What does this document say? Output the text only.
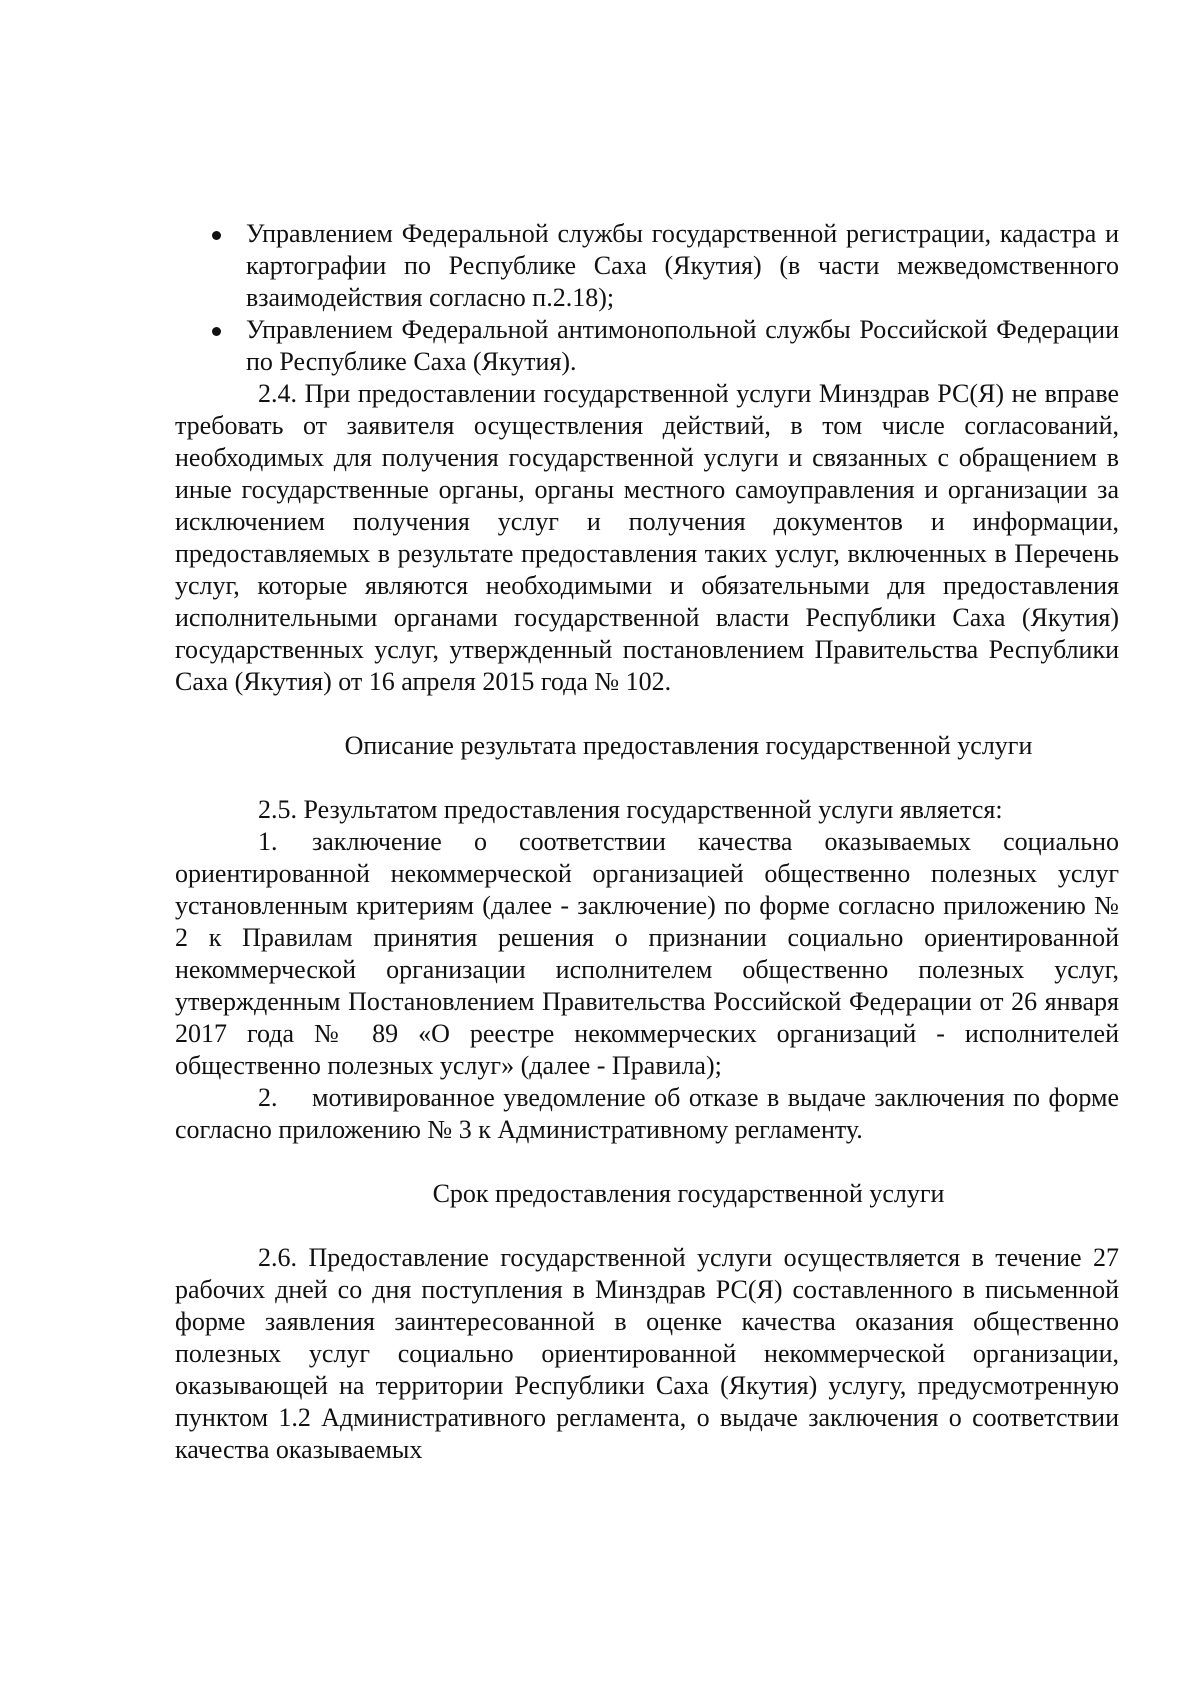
Управлением Федеральной службы государственной регистрации, кадастра и картографии по Республике Саха (Якутия) (в части межведомственного взаимодействия согласно п.2.18);
Управлением Федеральной антимонопольной службы Российской Федерации по Республике Саха (Якутия).

2.4. При предоставлении государственной услуги Минздрав РС(Я) не вправе требовать от заявителя осуществления действий, в том числе согласований, необходимых для получения государственной услуги и связанных с обращением в иные государственные органы, органы местного самоуправления и организации за исключением получения услуг и получения документов и информации, предоставляемых в результате предоставления таких услуг, включенных в Перечень услуг, которые являются необходимыми и обязательными для предоставления исполнительными органами государственной власти Республики Саха (Якутия) государственных услуг, утвержденный постановлением Правительства Республики Саха (Якутия) от 16 апреля 2015 года № 102.

Описание результата предоставления государственной услуги

2.5. Результатом предоставления государственной услуги является:

1. заключение о соответствии качества оказываемых социально ориентированной некоммерческой организацией общественно полезных услуг установленным критериям (далее - заключение) по форме согласно приложению № 2 к Правилам принятия решения о признании социально ориентированной некоммерческой организации исполнителем общественно полезных услуг, утвержденным Постановлением Правительства Российской Федерации от 26 января 2017 года № 89 «О реестре некоммерческих организаций - исполнителей общественно полезных услуг» (далее - Правила);

2. мотивированное уведомление об отказе в выдаче заключения по форме согласно приложению № 3 к Административному регламенту.

Срок предоставления государственной услуги

2.6. Предоставление государственной услуги осуществляется в течение 27 рабочих дней со дня поступления в Минздрав РС(Я) составленного в письменной форме заявления заинтересованной в оценке качества оказания общественно полезных услуг социально ориентированной некоммерческой организации, оказывающей на территории Республики Саха (Якутия) услугу, предусмотренную пунктом 1.2 Административного регламента, о выдаче заключения о соответствии качества оказываемых
